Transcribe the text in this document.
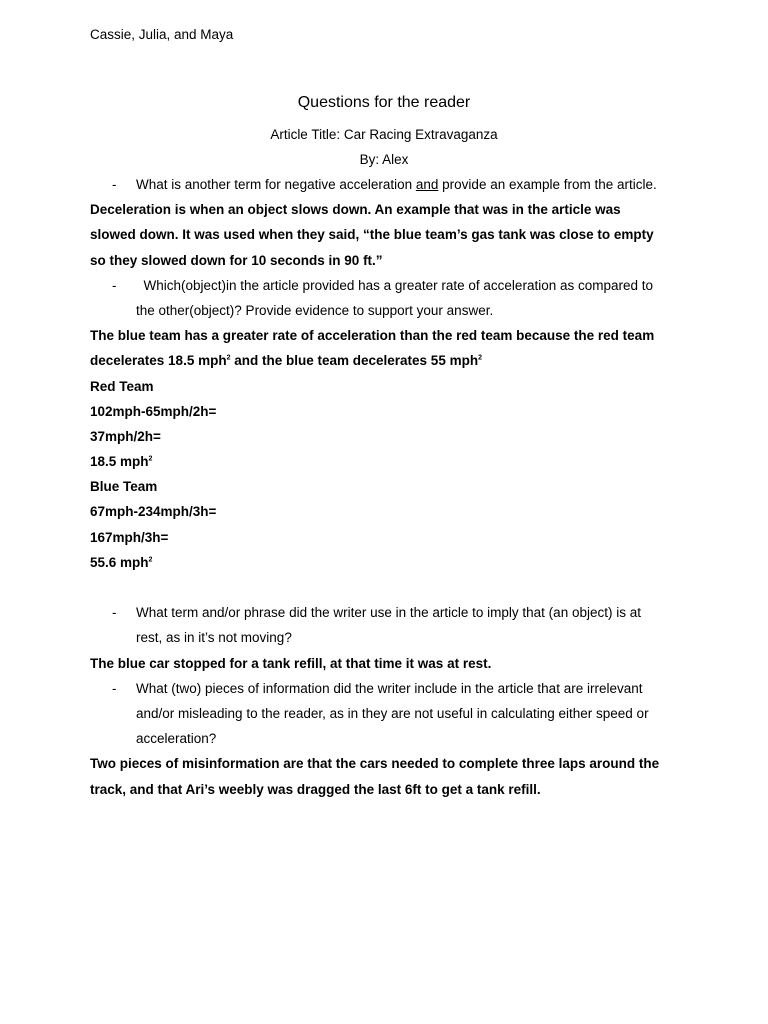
Cassie, Julia, and Maya
Questions for the reader
Article Title: Car Racing Extravaganza
By: Alex
- What is another term for negative acceleration and provide an example from the article.
Deceleration is when an object slows down. An example that was in the article was
slowed down. It was used when they said, “the blue team’s gas tank was close to empty
so they slowed down for 10 seconds in 90 ft.”
- Which(object)in the article provided has a greater rate of acceleration as compared to
the other(object)? Provide evidence to support your answer.
The blue team has a greater rate of acceleration than the red team because the red team
decelerates 18.5 mph$^2$ and the blue team decelerates 55 mph$^2$
Red Team
102mph-65mph/2h=
37mph/2h=
18.5 mph$^2$
Blue Team
67mph-234mph/3h=
167mph/3h=
55.6 mph$^2$
- What term and/or phrase did the writer use in the article to imply that (an object) is at
rest, as in it’s not moving?
The blue car stopped for a tank refill, at that time it was at rest.
- What (two) pieces of information did the writer include in the article that are irrelevant
and/or misleading to the reader, as in they are not useful in calculating either speed or
acceleration?
Two pieces of misinformation are that the cars needed to complete three laps around the
track, and that Ari’s weebly was dragged the last 6ft to get a tank refill.
